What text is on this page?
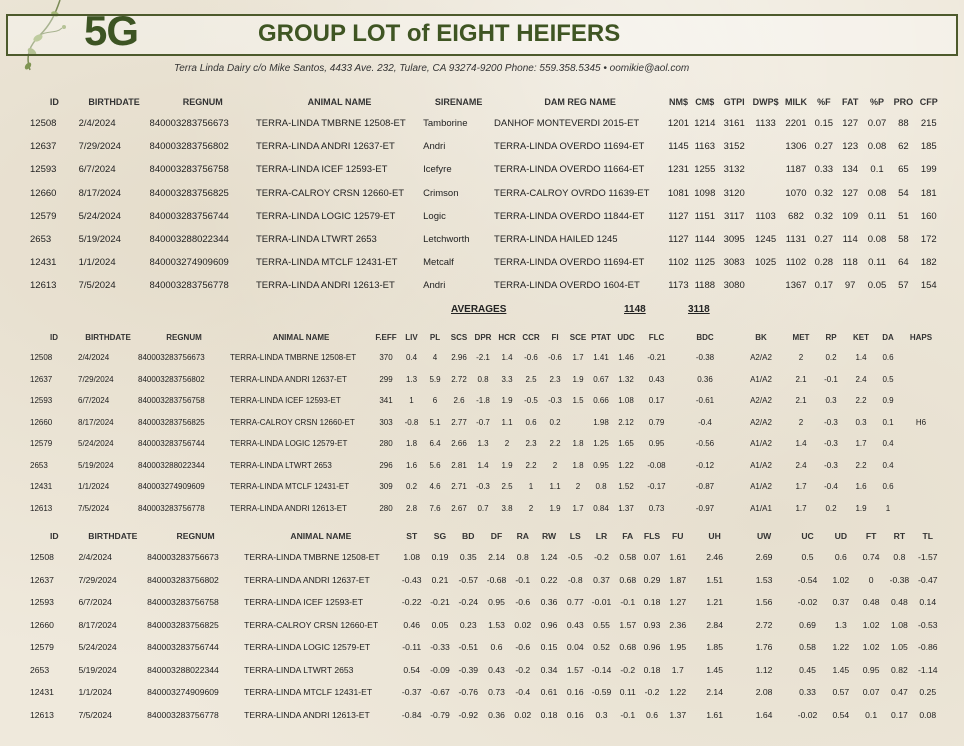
5G	GROUP LOT of EIGHT HEIFERS
Terra Linda Dairy c/o Mike Santos, 4433 Ave. 232, Tulare, CA 93274-9200 Phone: 559.358.5345 • oomikie@aol.com
ID	BIRTHDATE	REGNUM	ANIMAL NAME	SIRENAME	DAM REG NAME	NM$	CM$	GTPI	DWP$	MILK	%F	FAT	%P	PRO	CFP
12508	2/4/2024	840003283756673	TERRA-LINDA TMBRNE 12508-ET	Tamborine	DANHOF MONTEVERDI 2015-ET	1201	1214	3161	1133	2201	0.15	127	0.07	88	215
12637	7/29/2024	840003283756802	TERRA-LINDA ANDRI 12637-ET	Andri	TERRA-LINDA OVERDO 11694-ET	1145	1163	3152		1306	0.27	123	0.08	62	185
12593	6/7/2024	840003283756758	TERRA-LINDA ICEF 12593-ET	Icefyre	TERRA-LINDA OVERDO 11664-ET	1231	1255	3132		1187	0.33	134	0.1	65	199
12660	8/17/2024	840003283756825	TERRA-CALROY CRSN 12660-ET	Crimson	TERRA-CALROY OVRDO 11639-ET	1081	1098	3120		1070	0.32	127	0.08	54	181
12579	5/24/2024	840003283756744	TERRA-LINDA LOGIC 12579-ET	Logic	TERRA-LINDA OVERDO 11844-ET	1127	1151	3117	1103	682	0.32	109	0.11	51	160
2653	5/19/2024	840003288022344	TERRA-LINDA LTWRT 2653	Letchworth	TERRA-LINDA HAILED 1245	1127	1144	3095	1245	1131	0.27	114	0.08	58	172
12431	1/1/2024	840003274909609	TERRA-LINDA MTCLF 12431-ET	Metcalf	TERRA-LINDA OVERDO 11694-ET	1102	1125	3083	1025	1102	0.28	118	0.11	64	182
12613	7/5/2024	840003283756778	TERRA-LINDA ANDRI 12613-ET	Andri	TERRA-LINDA OVERDO 1604-ET	1173	1188	3080		1367	0.17	97	0.05	57	154
AVERAGES	1148	3118
ID	BIRTHDATE	REGNUM	ANIMAL NAME	F.EFF	LIV	PL	SCS	DPR	HCR	CCR	FI	SCE	PTAT	UDC	FLC	BDC	BK	MET	RP	KET	DA	HAPS
12508	2/4/2024	840003283756673	TERRA-LINDA TMBRNE 12508-ET	370	0.4	4	2.96	-2.1	1.4	-0.6	-0.6	1.7	1.41	1.46	-0.21	-0.38	A2/A2	2	0.2	1.4	0.6	
12637	7/29/2024	840003283756802	TERRA-LINDA ANDRI 12637-ET	299	1.3	5.9	2.72	0.8	3.3	2.5	2.3	1.9	0.67	1.32	0.43	0.36	A1/A2	2.1	-0.1	2.4	0.5	
12593	6/7/2024	840003283756758	TERRA-LINDA ICEF 12593-ET	341	1	6	2.6	-1.8	1.9	-0.5	-0.3	1.5	0.66	1.08	0.17	-0.61	A2/A2	2.1	0.3	2.2	0.9	
12660	8/17/2024	840003283756825	TERRA-CALROY CRSN 12660-ET	303	-0.8	5.1	2.77	-0.7	1.1	0.6	0.2		1.98	2.12	0.79	-0.4	A2/A2	2	-0.3	0.3	0.1	H6
12579	5/24/2024	840003283756744	TERRA-LINDA LOGIC 12579-ET	280	1.8	6.4	2.66	1.3	2	2.3	2.2	1.8	1.25	1.65	0.95	-0.56	A1/A2	1.4	-0.3	1.7	0.4	
2653	5/19/2024	840003288022344	TERRA-LINDA LTWRT 2653	296	1.6	5.6	2.81	1.4	1.9	2.2	2	1.8	0.95	1.22	-0.08	-0.12	A1/A2	2.4	-0.3	2.2	0.4	
12431	1/1/2024	840003274909609	TERRA-LINDA MTCLF 12431-ET	309	0.2	4.6	2.71	-0.3	2.5	1	1.1	2	0.8	1.52	-0.17	-0.87	A1/A2	1.7	-0.4	1.6	0.6	
12613	7/5/2024	840003283756778	TERRA-LINDA ANDRI 12613-ET	280	2.8	7.6	2.67	0.7	3.8	2	1.9	1.7	0.84	1.37	0.73	-0.97	A1/A1	1.7	0.2	1.9	1	
ID	BIRTHDATE	REGNUM	ANIMAL NAME	ST	SG	BD	DF	RA	RW	LS	LR	FA	FLS	FU	UH	UW	UC	UD	FT	RT	TL
12508	2/4/2024	840003283756673	TERRA-LINDA TMBRNE 12508-ET	1.08	0.19	0.35	2.14	0.8	1.24	-0.5	-0.2	0.58	0.07	1.61	2.46	2.69	0.5	0.6	0.74	0.8	-1.57
12637	7/29/2024	840003283756802	TERRA-LINDA ANDRI 12637-ET	-0.43	0.21	-0.57	-0.68	-0.1	0.22	-0.8	0.37	0.68	0.29	1.87	1.51	1.53	-0.54	1.02	0	-0.38	-0.47
12593	6/7/2024	840003283756758	TERRA-LINDA ICEF 12593-ET	-0.22	-0.21	-0.24	0.95	-0.6	0.36	0.77	-0.01	-0.1	0.18	1.27	1.21	1.56	-0.02	0.37	0.48	0.48	0.14
12660	8/17/2024	840003283756825	TERRA-CALROY CRSN 12660-ET	0.46	0.05	0.23	1.53	0.02	0.96	0.43	0.55	1.57	0.93	2.36	2.84	2.72	0.69	1.3	1.02	1.08	-0.53
12579	5/24/2024	840003283756744	TERRA-LINDA LOGIC 12579-ET	-0.11	-0.33	-0.51	0.6	-0.6	0.15	0.04	0.52	0.68	0.96	1.95	1.85	1.76	0.58	1.22	1.02	1.05	-0.86
2653	5/19/2024	840003288022344	TERRA-LINDA LTWRT 2653	0.54	-0.09	-0.39	0.43	-0.2	0.34	1.57	-0.14	-0.2	0.18	1.7	1.45	1.12	0.45	1.45	0.95	0.82	-1.14
12431	1/1/2024	840003274909609	TERRA-LINDA MTCLF 12431-ET	-0.37	-0.67	-0.76	0.73	-0.4	0.61	0.16	-0.59	0.11	-0.2	1.22	2.14	2.08	0.33	0.57	0.07	0.47	0.25
12613	7/5/2024	840003283756778	TERRA-LINDA ANDRI 12613-ET	-0.84	-0.79	-0.92	0.36	0.02	0.18	0.16	0.3	-0.1	0.6	1.37	1.61	1.64	-0.02	0.54	0.1	0.17	0.08
